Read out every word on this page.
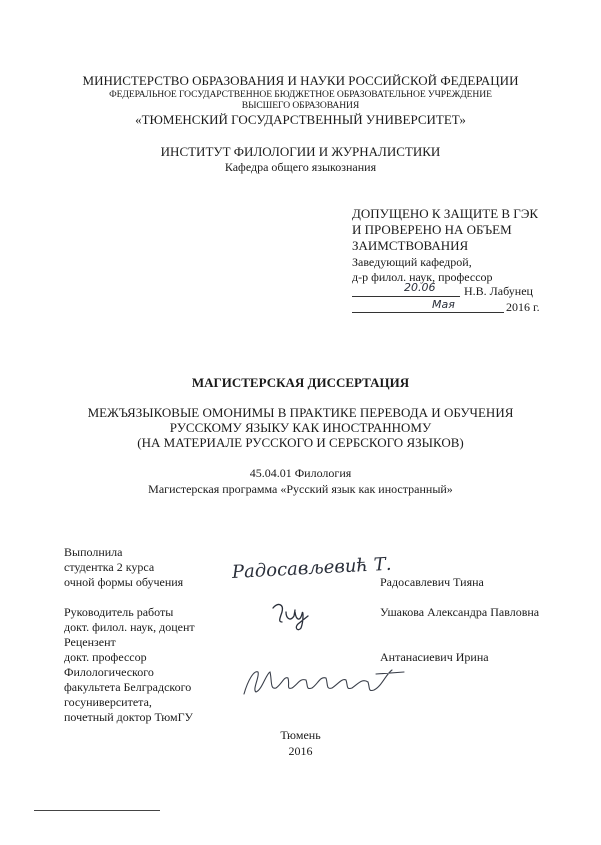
МИНИСТЕРСТВО ОБРАЗОВАНИЯ И НАУКИ РОССИЙСКОЙ ФЕДЕРАЦИИ
ФЕДЕРАЛЬНОЕ ГОСУДАРСТВЕННОЕ БЮДЖЕТНОЕ ОБРАЗОВАТЕЛЬНОЕ УЧРЕЖДЕНИЕ
ВЫСШЕГО ОБРАЗОВАНИЯ
«ТЮМЕНСКИЙ ГОСУДАРСТВЕННЫЙ УНИВЕРСИТЕТ»
ИНСТИТУТ ФИЛОЛОГИИ И ЖУРНАЛИСТИКИ
Кафедра общего языкознания
ДОПУЩЕНО К ЗАЩИТЕ В ГЭК
И ПРОВЕРЕНО НА ОБЪЕМ
ЗАИМСТВОВАНИЯ
Заведующий кафедрой,
д-р филол. наук, профессор
20.06 Н.В. Лабунец
Мая	2016 г.
МАГИСТЕРСКАЯ ДИССЕРТАЦИЯ
МЕЖЪЯЗЫКОВЫЕ ОМОНИМЫ В ПРАКТИКЕ ПЕРЕВОДА И ОБУЧЕНИЯ
РУССКОМУ ЯЗЫКУ КАК ИНОСТРАННОМУ
(НА МАТЕРИАЛЕ РУССКОГО И СЕРБСКОГО ЯЗЫКОВ)
45.04.01 Филология
Магистерская программа «Русский язык как иностранный»
Выполнила
студентка 2 курса
очной формы обучения	Радосављевић Т.
Радосавлевич Тияна
Руководитель работы
докт. филол. наук, доцент
Ушакова Александра Павловна
Рецензент
докт. профессор
Филологического
факультета Белградского
госуниверситета,
почетный доктор ТюмГУ
Антанасиевич Ирина
Тюмень
2016
